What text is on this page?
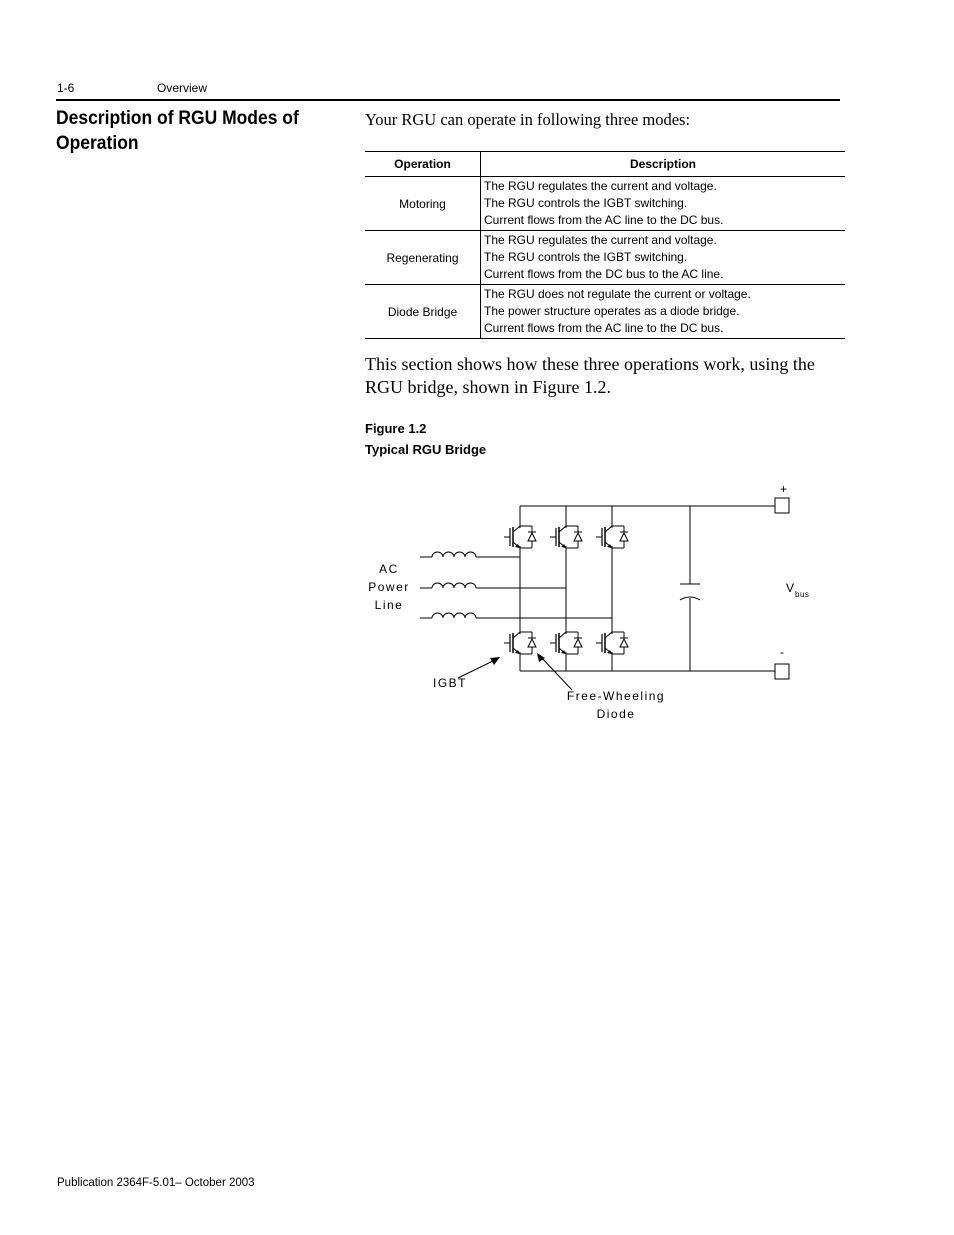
1-6	Overview
Description of RGU Modes of Operation
Your RGU can operate in following three modes:
Operation	Description
Motoring	The RGU regulates the current and voltage.
The RGU controls the IGBT switching.
Current flows from the AC line to the DC bus.

Regenerating	The RGU regulates the current and voltage.
The RGU controls the IGBT switching.
Current flows from the DC bus to the AC line.

Diode Bridge	The RGU does not regulate the current or voltage.
The power structure operates as a diode bridge.
Current flows from the AC line to the DC bus.
This section shows how these three operations work, using the RGU bridge, shown in Figure 1.2.
Figure 1.2
Typical RGU Bridge
+
-
AC
Power
Line
V bus
IGBT
Free-Wheeling
Diode
Publication 2364F-5.01– October 2003
